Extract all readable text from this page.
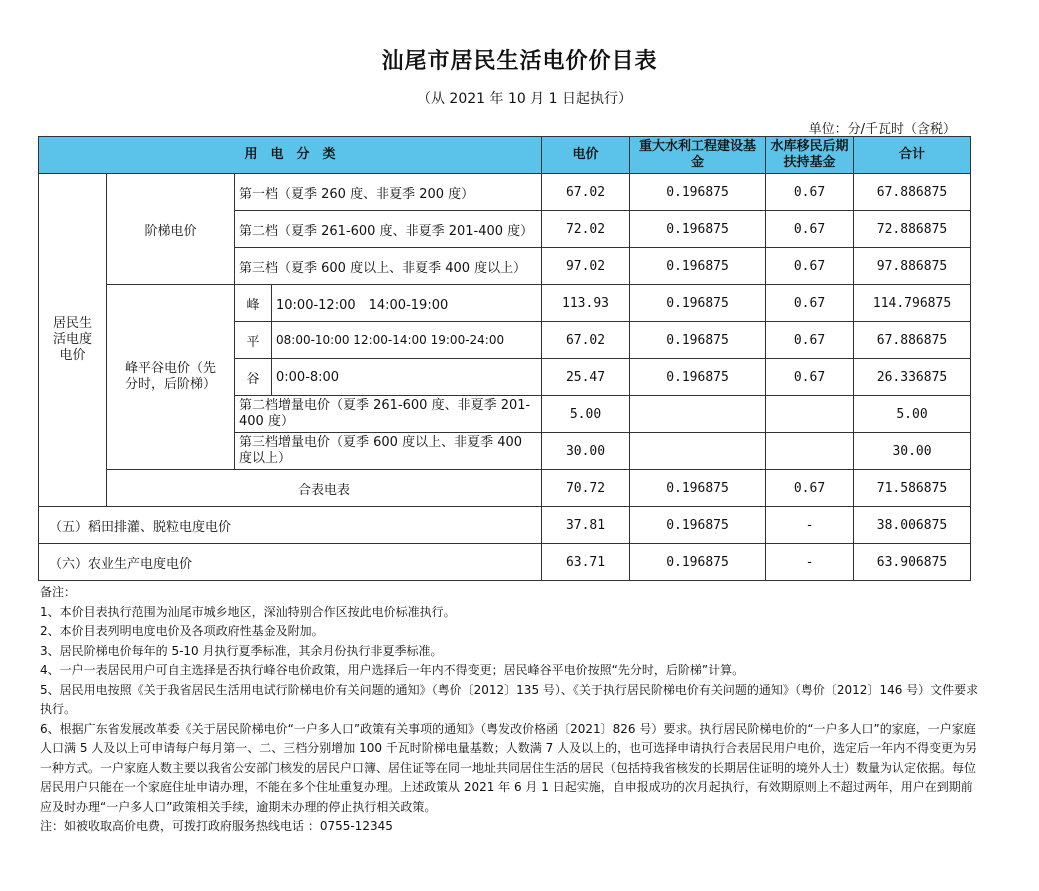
汕尾市居民生活电价价目表
（从 2021 年 10 月 1 日起执行）
单位：分/千瓦时（含税）
用　电　分　类				电价	重大水利工程建设基金	水库移民后期扶持基金	合计
居民生活电度电价	阶梯电价	第一档（夏季 260 度、非夏季 200 度）		67.02	0.196875	0.67	67.886875
		第二档（夏季 261-600 度、非夏季 201-400 度）		72.02	0.196875	0.67	72.886875
		第三档（夏季 600 度以上、非夏季 400 度以上）		97.02	0.196875	0.67	97.886875
	峰平谷电价（先分时，后阶梯）	峰	10:00-12:00　14:00-19:00	113.93	0.196875	0.67	114.796875
		平	08:00-10:00 12:00-14:00 19:00-24:00	67.02	0.196875	0.67	67.886875
		谷	0:00-8:00	25.47	0.196875	0.67	26.336875
		第二档增量电价（夏季 261-600 度、非夏季 201-400 度）		5.00			5.00
		第三档增量电价（夏季 600 度以上、非夏季 400 度以上）		30.00			30.00
	合表电表			70.72	0.196875	0.67	71.586875
（五）稻田排灌、脱粒电度电价				37.81	0.196875	-	38.006875
（六）农业生产电度电价				63.71	0.196875	-	63.906875

备注：

1、本价目表执行范围为汕尾市城乡地区，深汕特别合作区按此电价标准执行。

2、本价目表列明电度电价及各项政府性基金及附加。

3、居民阶梯电价每年的 5-10 月执行夏季标准，其余月份执行非夏季标准。

4、一户一表居民用户可自主选择是否执行峰谷电价政策，用户选择后一年内不得变更；居民峰谷平电价按照“先分时，后阶梯”计算。

5、居民用电按照《关于我省居民生活用电试行阶梯电价有关问题的通知》（粤价〔2012〕135 号）、《关于执行居民阶梯电价有关问题的通知》（粤价〔2012〕146 号）文件要求执行。

6、根据广东省发展改革委《关于居民阶梯电价“一户多人口”政策有关事项的通知》（粤发改价格函〔2021〕826 号）要求。执行居民阶梯电价的“一户多人口”的家庭，一户家庭人口满 5 人及以上可申请每户每月第一、二、三档分别增加 100 千瓦时阶梯电量基数；人数满 7 人及以上的，也可选择申请执行合表居民用户电价，选定后一年内不得变更为另一种方式。一户家庭人数主要以我省公安部门核发的居民户口簿、居住证等在同一地址共同居住生活的居民（包括持我省核发的长期居住证明的境外人士）数量为认定依据。每位居民用户只能在一个家庭住址申请办理，不能在多个住址重复办理。上述政策从 2021 年 6 月 1 日起实施，自申报成功的次月起执行，有效期原则上不超过两年，用户在到期前应及时办理“一户多人口”政策相关手续，逾期未办理的停止执行相关政策。

注：如被收取高价电费，可拨打政府服务热线电话 ：0755-12345
